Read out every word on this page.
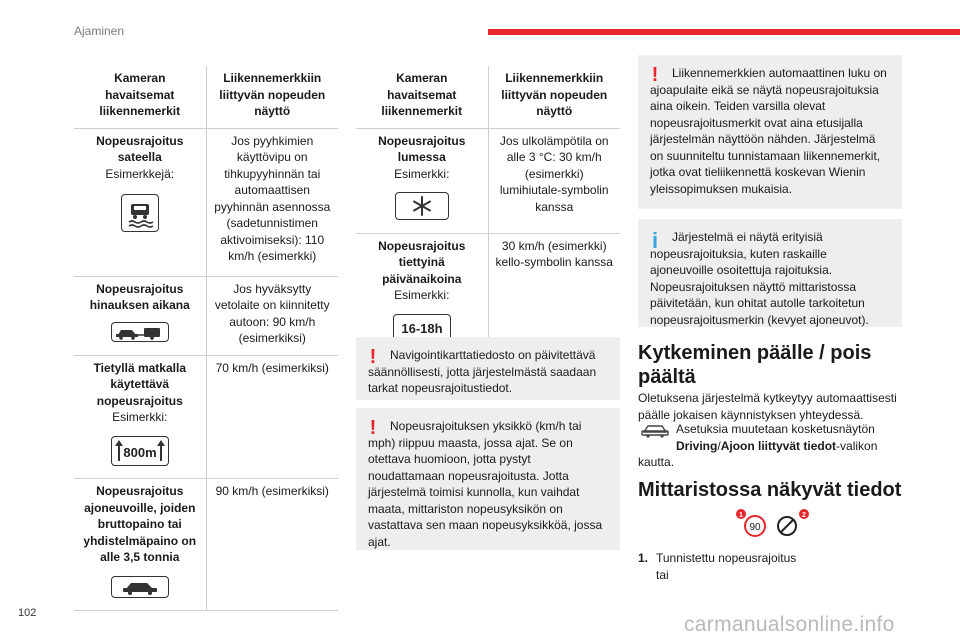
Ajaminen
Kameran havaitsemat liikennemerkit	Liikennemerkkiin liittyvän nopeuden näyttö

Nopeusrajoitus sateella
Esimerkkejä:	Jos pyyhkimien käyttövipu on tihkupyyhinnän tai automaattisen pyyhinnän asennossa (sadetunnistimen aktivoimiseksi): 110 km/h (esimerkki)

Nopeusrajoitus hinauksen aikana	Jos hyväksytty vetolaite on kiinnitetty autoon: 90 km/h (esimerkiksi)

Tietyllä matkalla käytettävä nopeusrajoitus
Esimerkki:
800m	70 km/h (esimerkiksi)

Nopeusrajoitus ajoneuvoille, joiden bruttopaino tai yhdistelmäpaino on alle 3,5 tonnia	90 km/h (esimerkiksi)
Kameran havaitsemat liikennemerkit	Liikennemerkkiin liittyvän nopeuden näyttö

Nopeusrajoitus lumessa
Esimerkki:	Jos ulkolämpötila on alle 3 °C: 30 km/h (esimerkki) lumihiutale-symbolin kanssa

Nopeusrajoitus tiettyinä päivänaikoina
Esimerkki:
16-18h	30 km/h (esimerkki) kello-symbolin kanssa
! Navigointikarttatiedosto on päivitettävä

säännöllisesti, jotta järjestelmästä saadaan tarkat nopeusrajoitustiedot.

! Nopeusrajoituksen yksikkö (km/h tai

mph) riippuu maasta, jossa ajat. Se on otettava huomioon, jotta pystyt noudattamaan nopeusrajoitusta. Jotta järjestelmä toimisi kunnolla, kun vaihdat maata, mittariston nopeusyksikön on vastattava sen maan nopeusyksikköä, jossa ajat.

! Liikennemerkkien automaattinen luku on

ajoapulaite eikä se näytä nopeusrajoituksia aina oikein. Teiden varsilla olevat nopeusrajoitusmerkit ovat aina etusijalla järjestelmän näyttöön nähden. Järjestelmä on suunniteltu tunnistamaan liikennemerkit, jotka ovat tieliikennettä koskevan Wienin yleissopimuksen mukaisia.

i Järjestelmä ei näytä erityisiä

nopeusrajoituksia, kuten raskaille ajoneuvoille osoitettuja rajoituksia. Nopeusrajoituksen näyttö mittaristossa päivitetään, kun ohitat autolle tarkoitetun nopeusrajoitusmerkin (kevyet ajoneuvot).

Kytkeminen päälle / pois päältä
Oletuksena järjestelmä kytkeytyy automaattisesti päälle jokaisen käynnistyksen yhteydessä.
Asetuksia muutetaan kosketusnäytön Driving/Ajoon liittyvät tiedot-valikon kautta.
Mittaristossa näkyvät tiedot
90
1	2
1. Tunnistettu nopeusrajoitus tai
102	carmanualsonline.info
